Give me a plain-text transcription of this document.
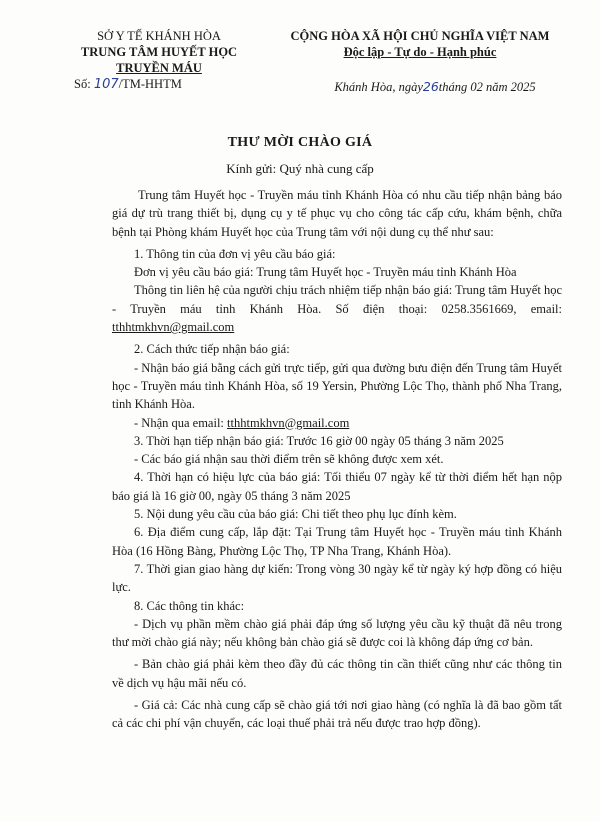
SỞ Y TẾ KHÁNH HÒA
TRUNG TÂM HUYẾT HỌC
TRUYỀN MÁU
Số: 107/TM-HHTM
CỘNG HÒA XÃ HỘI CHỦ NGHĨA VIỆT NAM
Độc lập - Tự do - Hạnh phúc
Khánh Hòa, ngày26tháng 02 năm 2025
THƯ MỜI CHÀO GIÁ
Kính gửi: Quý nhà cung cấp

Trung tâm Huyết học - Truyền máu tỉnh Khánh Hòa có nhu cầu tiếp nhận bảng báo giá dự trù trang thiết bị, dụng cụ y tế phục vụ cho công tác cấp cứu, khám bệnh, chữa bệnh tại Phòng khám Huyết học của Trung tâm với nội dung cụ thể như sau:

1. Thông tin của đơn vị yêu cầu báo giá:

Đơn vị yêu cầu báo giá: Trung tâm Huyết học - Truyền máu tỉnh Khánh Hòa

Thông tin liên hệ của người chịu trách nhiệm tiếp nhận báo giá: Trung tâm Huyết học - Truyền máu tỉnh Khánh Hòa. Số điện thoại: 0258.3561669, email: tthhtmkhvn@gmail.com

2. Cách thức tiếp nhận báo giá:

- Nhận báo giá bằng cách gửi trực tiếp, gửi qua đường bưu điện đến Trung tâm Huyết học - Truyền máu tỉnh Khánh Hòa, số 19 Yersin, Phường Lộc Thọ, thành phố Nha Trang, tỉnh Khánh Hòa.

- Nhận qua email: tthhtmkhvn@gmail.com

3. Thời hạn tiếp nhận báo giá: Trước 16 giờ 00 ngày 05 tháng 3 năm 2025

- Các báo giá nhận sau thời điểm trên sẽ không được xem xét.

4. Thời hạn có hiệu lực của báo giá: Tối thiểu 07 ngày kể từ thời điểm hết hạn nộp báo giá là 16 giờ 00, ngày 05 tháng 3 năm 2025

5. Nội dung yêu cầu của báo giá: Chi tiết theo phụ lục đính kèm.

6. Địa điểm cung cấp, lắp đặt: Tại Trung tâm Huyết học - Truyền máu tỉnh Khánh Hòa (16 Hồng Bàng, Phường Lộc Thọ, TP Nha Trang, Khánh Hòa).

7. Thời gian giao hàng dự kiến: Trong vòng 30 ngày kể từ ngày ký hợp đồng có hiệu lực.

8. Các thông tin khác:

- Dịch vụ phần mềm chào giá phải đáp ứng số lượng yêu cầu kỹ thuật đã nêu trong thư mời chào giá này; nếu không bản chào giá sẽ được coi là không đáp ứng cơ bản.

- Bản chào giá phải kèm theo đầy đủ các thông tin cần thiết cũng như các thông tin về dịch vụ hậu mãi nếu có.

- Giá cả: Các nhà cung cấp sẽ chào giá tới nơi giao hàng (có nghĩa là đã bao gồm tất cả các chi phí vận chuyển, các loại thuế phải trả nếu được trao hợp đồng).
